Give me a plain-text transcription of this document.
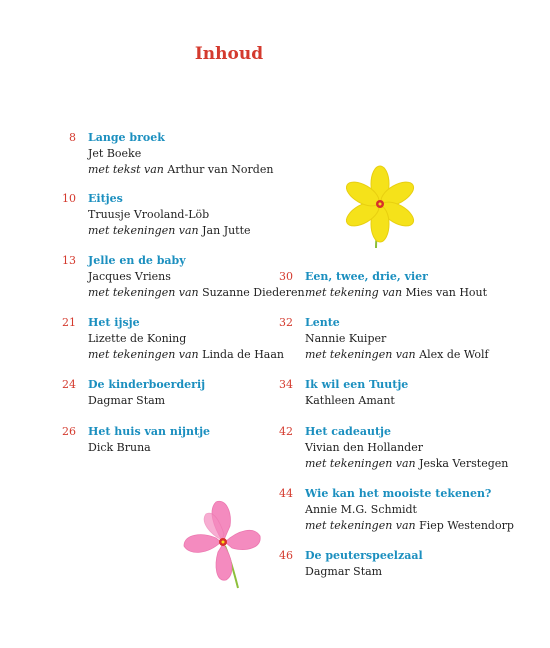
Inhoud
8 Lange broek
Jet Boeke
met tekst van Arthur van Norden
10 Eitjes
Truusje Vrooland-Löb
met tekeningen van Jan Jutte
13 Jelle en de baby
Jacques Vriens
met tekeningen van Suzanne Diederen
21 Het ijsje
Lizette de Koning
met tekeningen van Linda de Haan
24 De kinderboerderij
Dagmar Stam
26 Het huis van nijntje
Dick Bruna
30 Een, twee, drie, vier
met tekening van Mies van Hout
32 Lente
Nannie Kuiper
met tekeningen van Alex de Wolf
34 Ik wil een Tuutje
Kathleen Amant
42 Het cadeautje
Vivian den Hollander
met tekeningen van Jeska Verstegen
44 Wie kan het mooiste tekenen?
Annie M.G. Schmidt
met tekeningen van Fiep Westendorp
46 De peuterspeelzaal
Dagmar Stam
